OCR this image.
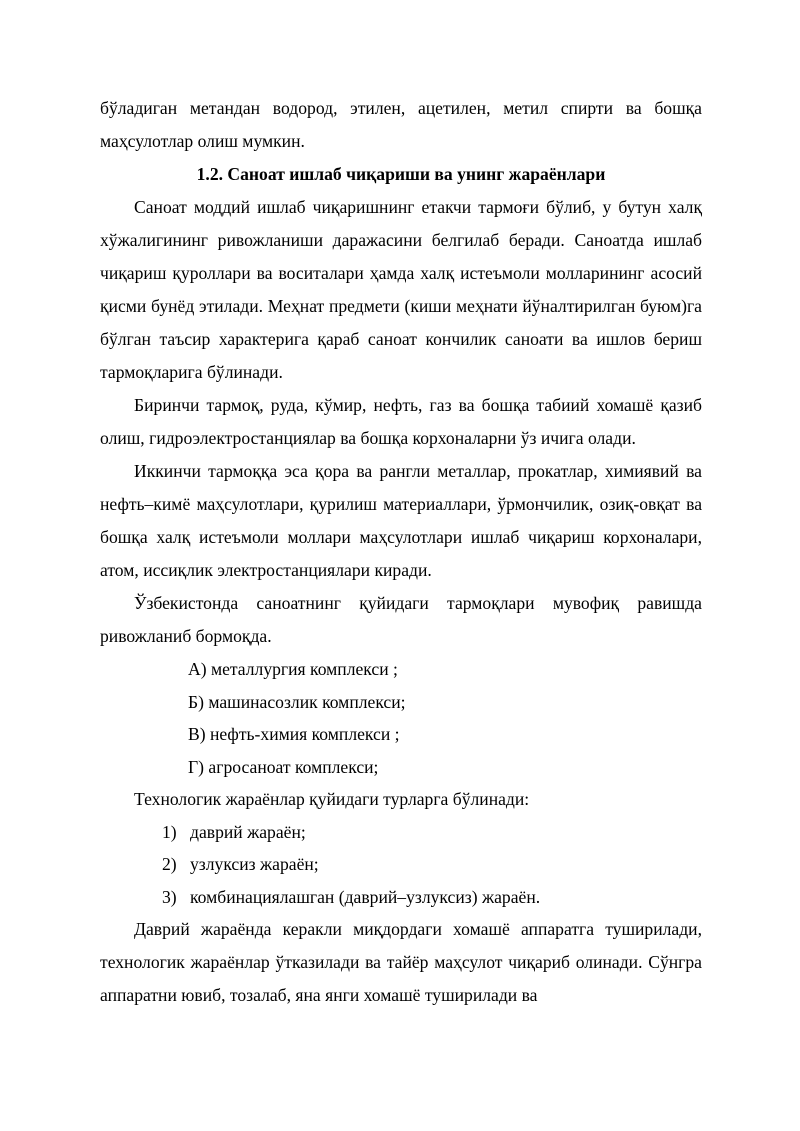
бўладиган метандан водород, этилен, ацетилен, метил спирти ва бошқа маҳсулотлар олиш мумкин.

1.2. Саноат ишлаб чиқариши ва унинг жараёнлари

Саноат моддий ишлаб чиқаришнинг етакчи тармоғи бўлиб, у бутун халқ хўжалигининг ривожланиши даражасини белгилаб беради. Саноатда ишлаб чиқариш қуроллари ва воситалари ҳамда халқ истеъмоли молларининг асосий қисми бунёд этилади. Меҳнат предмети (киши меҳнати йўналтирилган буюм)га бўлган таъсир характерига қараб саноат кончилик саноати ва ишлов бериш тармоқларига бўлинади.

Биринчи тармоқ, руда, кўмир, нефть, газ ва бошқа табиий хомашё қазиб олиш, гидроэлектростанциялар ва бошқа корхоналарни ўз ичига олади.

Иккинчи тармоққа эса қора ва рангли металлар, прокатлар, химиявий ва нефть–кимё маҳсулотлари, қурилиш материаллари, ўрмончилик, озиқ-овқат ва бошқа халқ истеъмоли моллари маҳсулотлари ишлаб чиқариш корхоналари, атом, иссиқлик электростанциялари киради.

Ўзбекистонда саноатнинг қуйидаги тармоқлари мувофиқ равишда ривожланиб бормоқда.

А) металлургия комплекси ;
Б) машинасозлик комплекси;
В) нефть-химия комплекси ;
Г) агросаноат комплекси;

Технологик жараёнлар қуйидаги турларга бўлинади:

1) даврий жараён;
2) узлуксиз жараён;
3) комбинациялашган (даврий–узлуксиз) жараён.

Даврий жараёнда керакли миқдордаги хомашё аппаратга туширилади, технологик жараёнлар ўтказилади ва тайёр маҳсулот чиқариб олинади. Сўнгра аппаратни ювиб, тозалаб, яна янги хомашё туширилади ва
